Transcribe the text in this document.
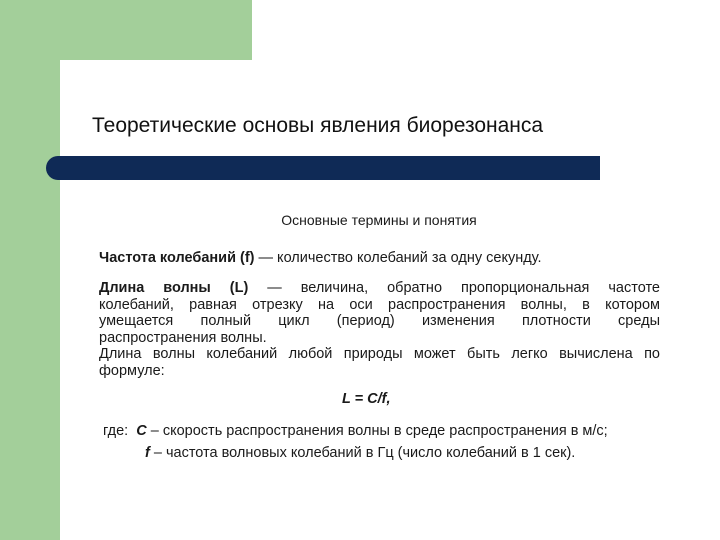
Теоретические основы явления биорезонанса
Основные термины и понятия
Частота колебаний (f) — количество колебаний за одну секунду.
Длина волны (L) — величина, обратно пропорциональная частоте
колебаний, равная отрезку на оси распространения волны, в котором
умещается полный цикл (период) изменения плотности среды
распространения волны.
Длина волны колебаний любой природы может быть легко вычислена по
формуле:
L = C/f,
где:  C – скорость распространения волны в среде распространения в м/с;
f – частота волновых колебаний в Гц (число колебаний в 1 сек).
